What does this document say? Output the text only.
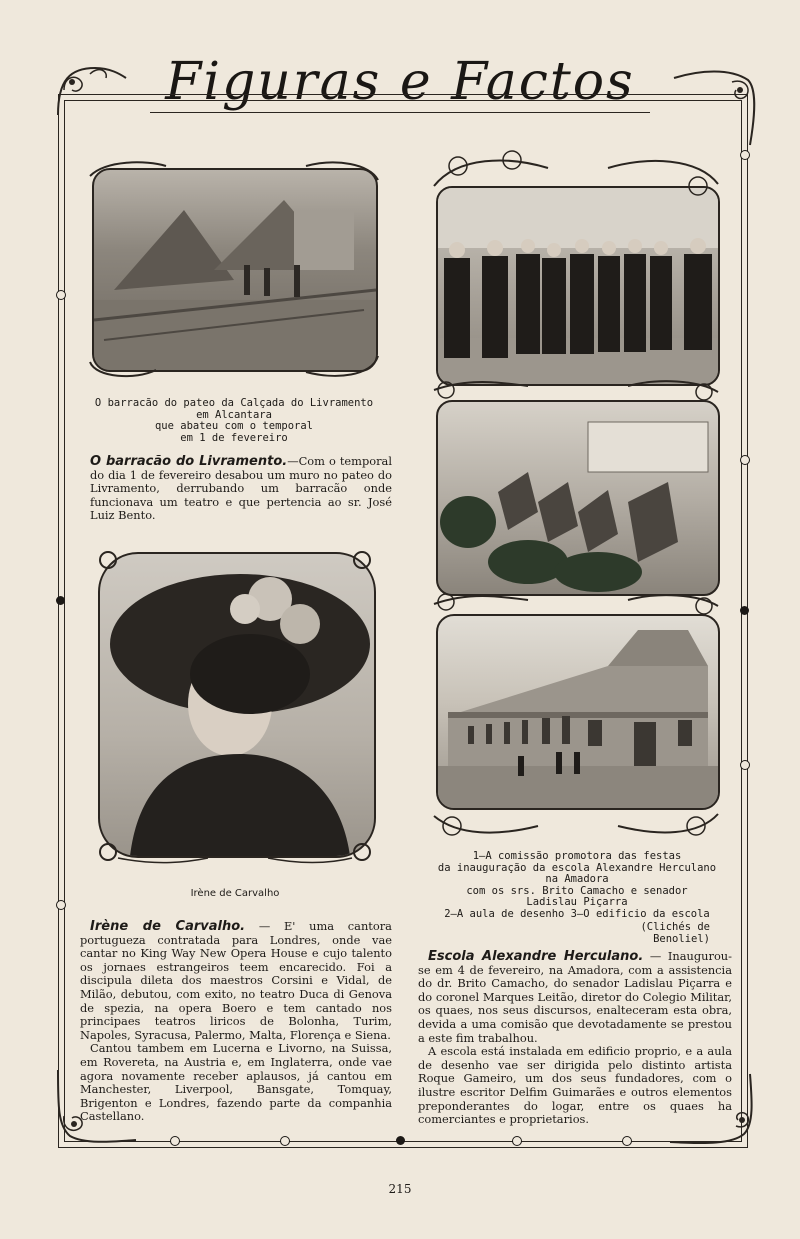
Figuras e Factos
O barracão do pateo da Calçada do Livramento
em Alcantara
que abateu com o temporal
em 1 de fevereiro

O barracão do Livramento.—Com o temporal do dia 1 de fevereiro desabou um muro no pateo do Livramento, derrubando um barracão onde funcionava um teatro e que pertencia ao sr. José Luiz Bento.

Irène de Carvalho

Irène de Carvalho. — E' uma cantora portugueza contratada para Londres, onde vae cantar no King Way New Opera House e cujo talento os jornaes estrangeiros teem encarecido. Foi a discipula dileta dos maestros Corsini e Vidal, de Milão, debutou, com exito, no teatro Duca di Genova de spezia, na opera Boero e tem cantado nos principaes teatros liricos de Bolonha, Turim, Napoles, Syracusa, Palermo, Malta, Florença e Siena.

Cantou tambem em Lucerna e Livorno, na Suissa, em Rovereta, na Austria e, em Inglaterra, onde vae agora novamente receber aplausos, já cantou em Manchester, Liverpool, Bansgate, Tomquay, Brigenton e Londres, fazendo parte da companhia Castellano.

1—A comissão promotora das festas
da inauguração da escola Alexandre Herculano
na Amadora
com os srs. Brito Camacho e senador
Ladislau Piçarra
2—A aula de desenho 3—O edificio da escola
(Clichés de Benoliel)

Escola Alexandre Herculano. — Inaugurou-se em 4 de fevereiro, na Amadora, com a assistencia do dr. Brito Camacho, do senador Ladislau Piçarra e do coronel Marques Leitão, diretor do Colegio Militar, os quaes, nos seus discursos, enalteceram esta obra, devida a uma comisão que devotadamente se prestou a este fim trabalhou.

A escola está instalada em edificio proprio, e a aula de desenho vae ser dirigida pelo distinto artista Roque Gameiro, um dos seus fundadores, com o ilustre escritor Delfim Guimarães e outros elementos preponderantes do logar, entre os quaes ha comerciantes e proprietarios.

215
